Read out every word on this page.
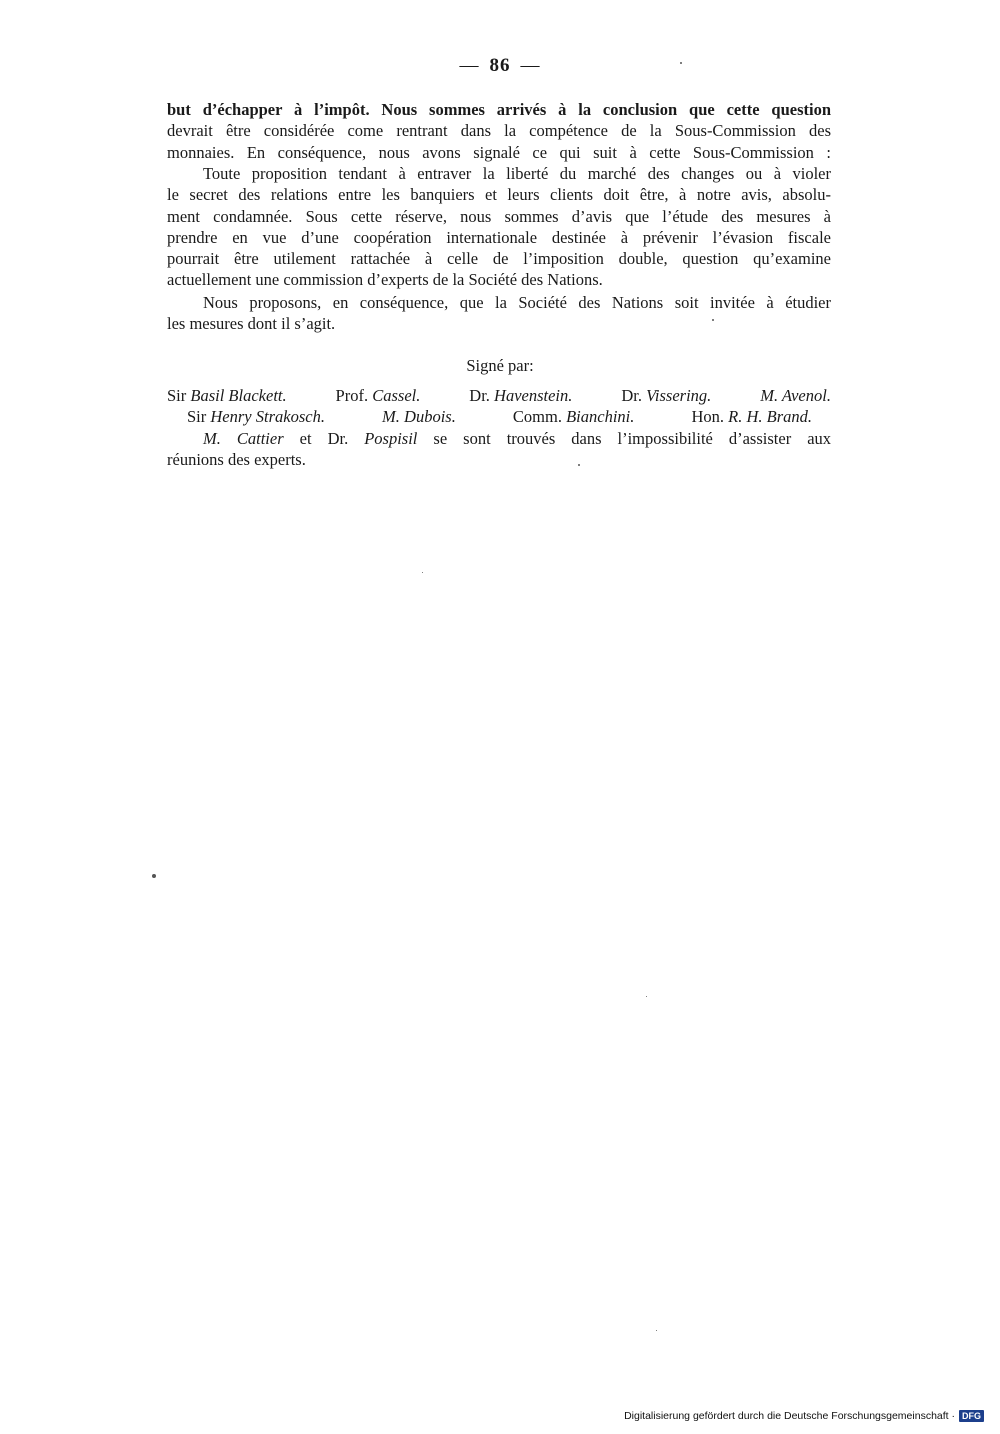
— 86 —
but d’échapper à l’impôt. Nous sommes arrivés à la conclusion que cette question
devrait être considérée come rentrant dans la compétence de la Sous-Commission des
monnaies. En conséquence, nous avons signalé ce qui suit à cette Sous-Commission :
Toute proposition tendant à entraver la liberté du marché des changes ou à violer
le secret des relations entre les banquiers et leurs clients doit être, à notre avis, absolu-
ment condamnée. Sous cette réserve, nous sommes d’avis que l’étude des mesures à
prendre en vue d’une coopération internationale destinée à prévenir l’évasion fiscale
pourrait être utilement rattachée à celle de l’imposition double, question qu’examine
actuellement une commission d’experts de la Société des Nations.
Nous proposons, en conséquence, que la Société des Nations soit invitée à étudier
les mesures dont il s’agit.
Signé par:
Sir Basil Blackett.	Prof. Cassel.	Dr. Havenstein.	Dr. Vissering.	M. Avenol.
Sir Henry Strakosch.	M. Dubois.	Comm. Bianchini.	Hon. R. H. Brand.
M. Cattier et Dr. Pospisil se sont trouvés dans l’impossibilité d’assister aux
réunions des experts.
Digitalisierung gefördert durch die Deutsche Forschungsgemeinschaft · DFG
